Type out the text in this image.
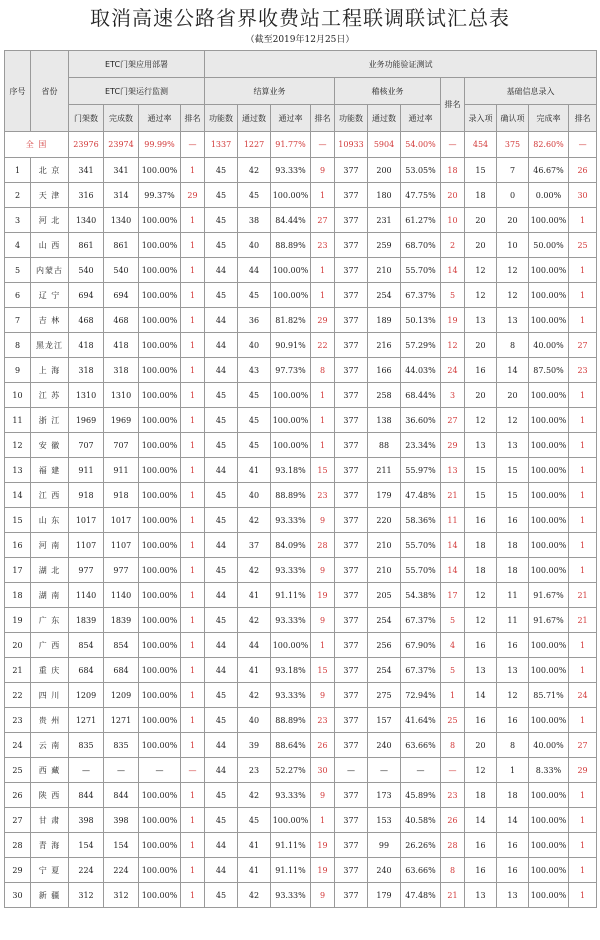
取消高速公路省界收费站工程联调联试汇总表
（截至2019年12月25日）
序号	省份	ETC门架应用部署				业务功能验证测试											
		ETC门架运行监测				结算业务				稽核业务			排名	基础信息录入			
		门架数	完成数	通过率	排名	功能数	通过数	通过率	排名	功能数	通过数	通过率		录入项	确认项	完成率	排名
全 国		23976	23974	99.99%	—	1337	1227	91.77%	—	10933	5904	54.00%	—	454	375	82.60%	—
1	北 京	341	341	100.00%	1	45	42	93.33%	9	377	200	53.05%	18	15	7	46.67%	26
2	天 津	316	314	99.37%	29	45	45	100.00%	1	377	180	47.75%	20	18	0	0.00%	30
3	河 北	1340	1340	100.00%	1	45	38	84.44%	27	377	231	61.27%	10	20	20	100.00%	1
4	山 西	861	861	100.00%	1	45	40	88.89%	23	377	259	68.70%	2	20	10	50.00%	25
5	内蒙古	540	540	100.00%	1	44	44	100.00%	1	377	210	55.70%	14	12	12	100.00%	1
6	辽 宁	694	694	100.00%	1	45	45	100.00%	1	377	254	67.37%	5	12	12	100.00%	1
7	吉 林	468	468	100.00%	1	44	36	81.82%	29	377	189	50.13%	19	13	13	100.00%	1
8	黑龙江	418	418	100.00%	1	44	40	90.91%	22	377	216	57.29%	12	20	8	40.00%	27
9	上 海	318	318	100.00%	1	44	43	97.73%	8	377	166	44.03%	24	16	14	87.50%	23
10	江 苏	1310	1310	100.00%	1	45	45	100.00%	1	377	258	68.44%	3	20	20	100.00%	1
11	浙 江	1969	1969	100.00%	1	45	45	100.00%	1	377	138	36.60%	27	12	12	100.00%	1
12	安 徽	707	707	100.00%	1	45	45	100.00%	1	377	88	23.34%	29	13	13	100.00%	1
13	福 建	911	911	100.00%	1	44	41	93.18%	15	377	211	55.97%	13	15	15	100.00%	1
14	江 西	918	918	100.00%	1	45	40	88.89%	23	377	179	47.48%	21	15	15	100.00%	1
15	山 东	1017	1017	100.00%	1	45	42	93.33%	9	377	220	58.36%	11	16	16	100.00%	1
16	河 南	1107	1107	100.00%	1	44	37	84.09%	28	377	210	55.70%	14	18	18	100.00%	1
17	湖 北	977	977	100.00%	1	45	42	93.33%	9	377	210	55.70%	14	18	18	100.00%	1
18	湖 南	1140	1140	100.00%	1	44	41	91.11%	19	377	205	54.38%	17	12	11	91.67%	21
19	广 东	1839	1839	100.00%	1	45	42	93.33%	9	377	254	67.37%	5	12	11	91.67%	21
20	广 西	854	854	100.00%	1	44	44	100.00%	1	377	256	67.90%	4	16	16	100.00%	1
21	重 庆	684	684	100.00%	1	44	41	93.18%	15	377	254	67.37%	5	13	13	100.00%	1
22	四 川	1209	1209	100.00%	1	45	42	93.33%	9	377	275	72.94%	1	14	12	85.71%	24
23	贵 州	1271	1271	100.00%	1	45	40	88.89%	23	377	157	41.64%	25	16	16	100.00%	1
24	云 南	835	835	100.00%	1	44	39	88.64%	26	377	240	63.66%	8	20	8	40.00%	27
25	西 藏	—	—	—	—	44	23	52.27%	30	—	—	—	—	12	1	8.33%	29
26	陕 西	844	844	100.00%	1	45	42	93.33%	9	377	173	45.89%	23	18	18	100.00%	1
27	甘 肃	398	398	100.00%	1	45	45	100.00%	1	377	153	40.58%	26	14	14	100.00%	1
28	青 海	154	154	100.00%	1	44	41	91.11%	19	377	99	26.26%	28	16	16	100.00%	1
29	宁 夏	224	224	100.00%	1	44	41	91.11%	19	377	240	63.66%	8	16	16	100.00%	1
30	新 疆	312	312	100.00%	1	45	42	93.33%	9	377	179	47.48%	21	13	13	100.00%	1
